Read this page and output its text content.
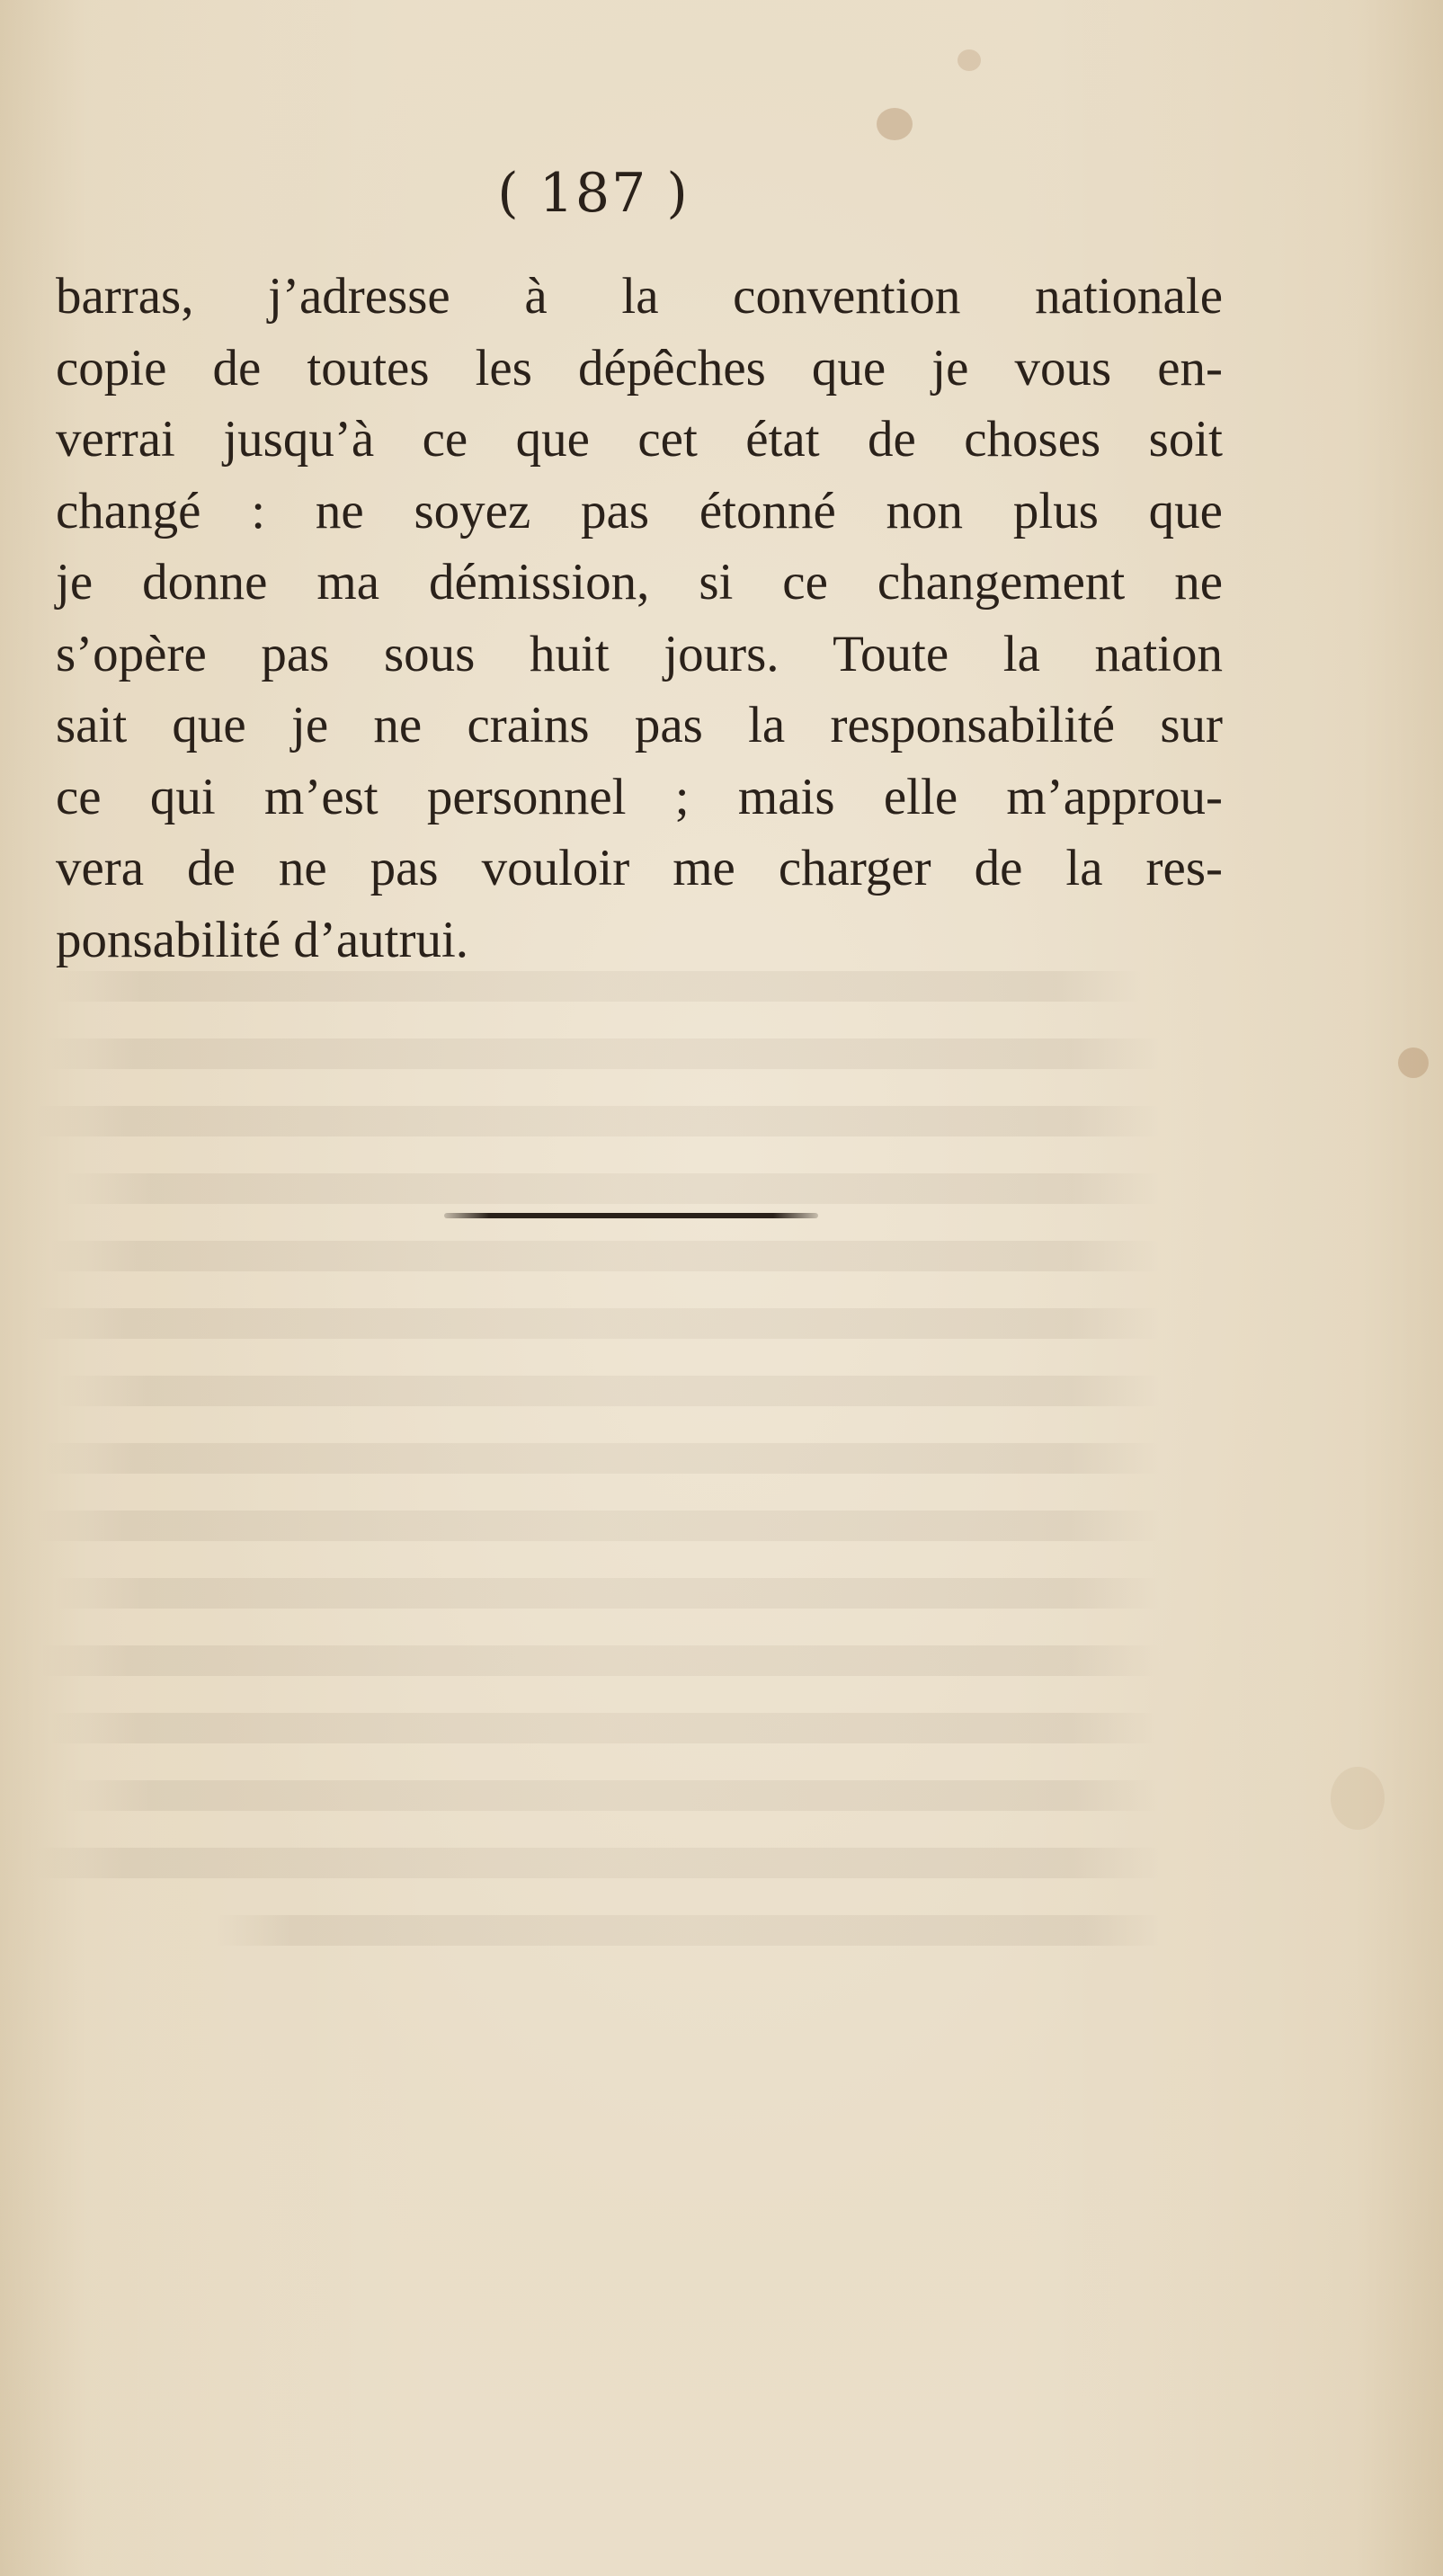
( 187 )
barras, j’adresse à la convention nationale
copie de toutes les dépêches que je vous en-
verrai jusqu’à ce que cet état de choses soit
changé : ne soyez pas étonné non plus que
je donne ma démission, si ce changement ne
s’opère pas sous huit jours. Toute la nation
sait que je ne crains pas la responsabilité sur
ce qui m’est personnel ; mais elle m’approu-
vera de ne pas vouloir me charger de la res-
ponsabilité d’autrui.
